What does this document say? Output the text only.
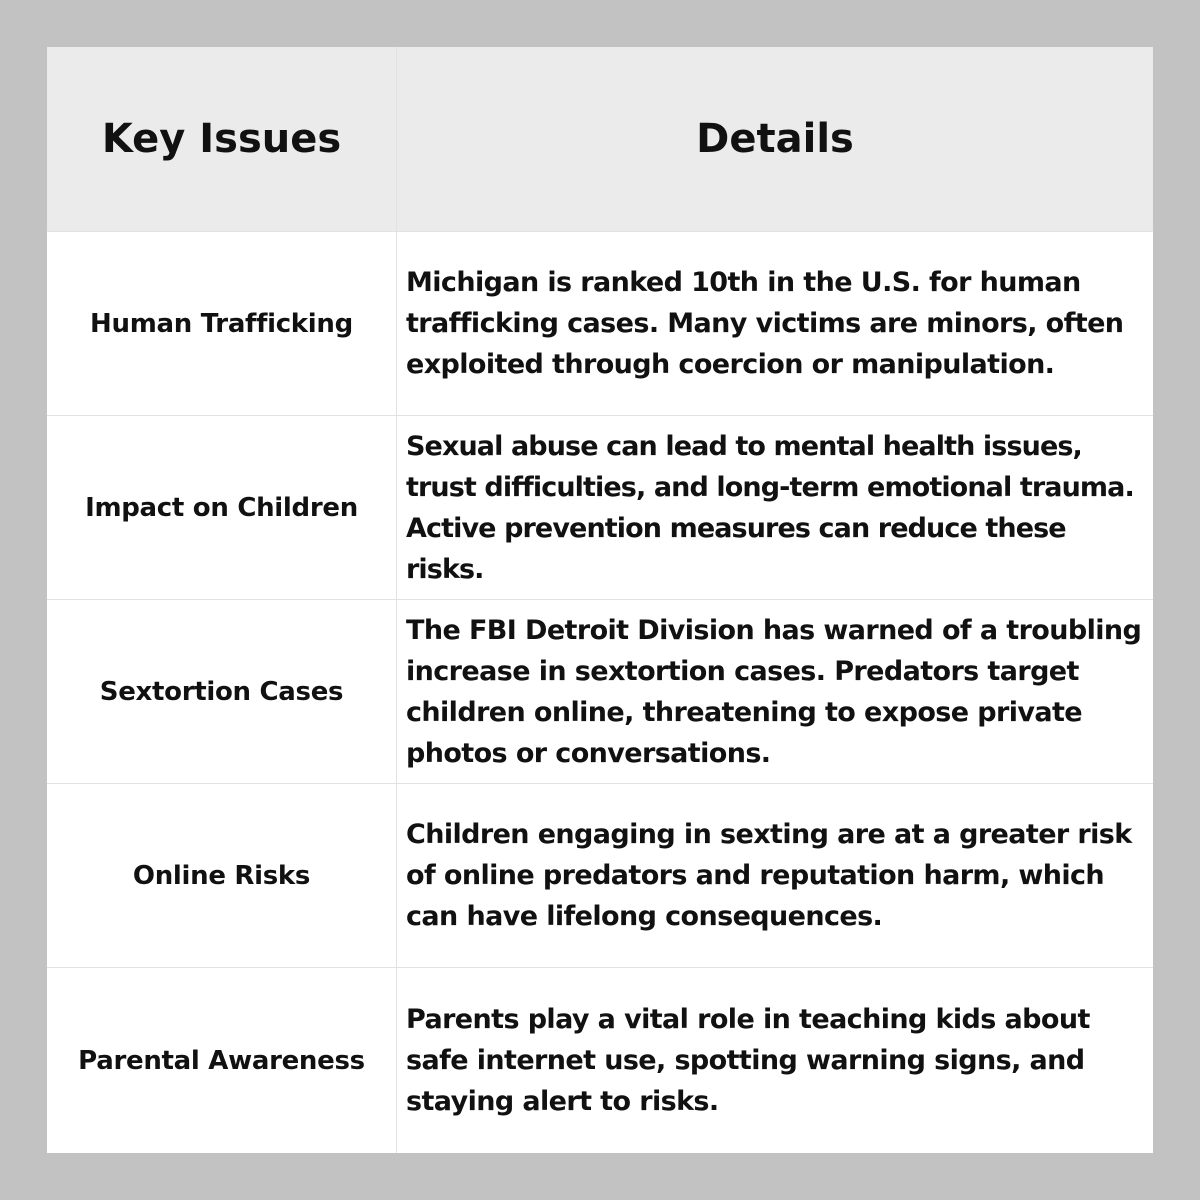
Key Issues	Details
Human Trafficking
Michigan is ranked 10th in the U.S. for human trafficking cases. Many victims are minors, often exploited through coercion or manipulation.
Impact on Children
Sexual abuse can lead to mental health issues, trust difficulties, and long-term emotional trauma. Active prevention measures can reduce these risks.
Sextortion Cases
The FBI Detroit Division has warned of a troubling increase in sextortion cases. Predators target children online, threatening to expose private photos or conversations.
Online Risks
Children engaging in sexting are at a greater risk of online predators and reputation harm, which can have lifelong consequences.
Parental Awareness
Parents play a vital role in teaching kids about safe internet use, spotting warning signs, and staying alert to risks.
